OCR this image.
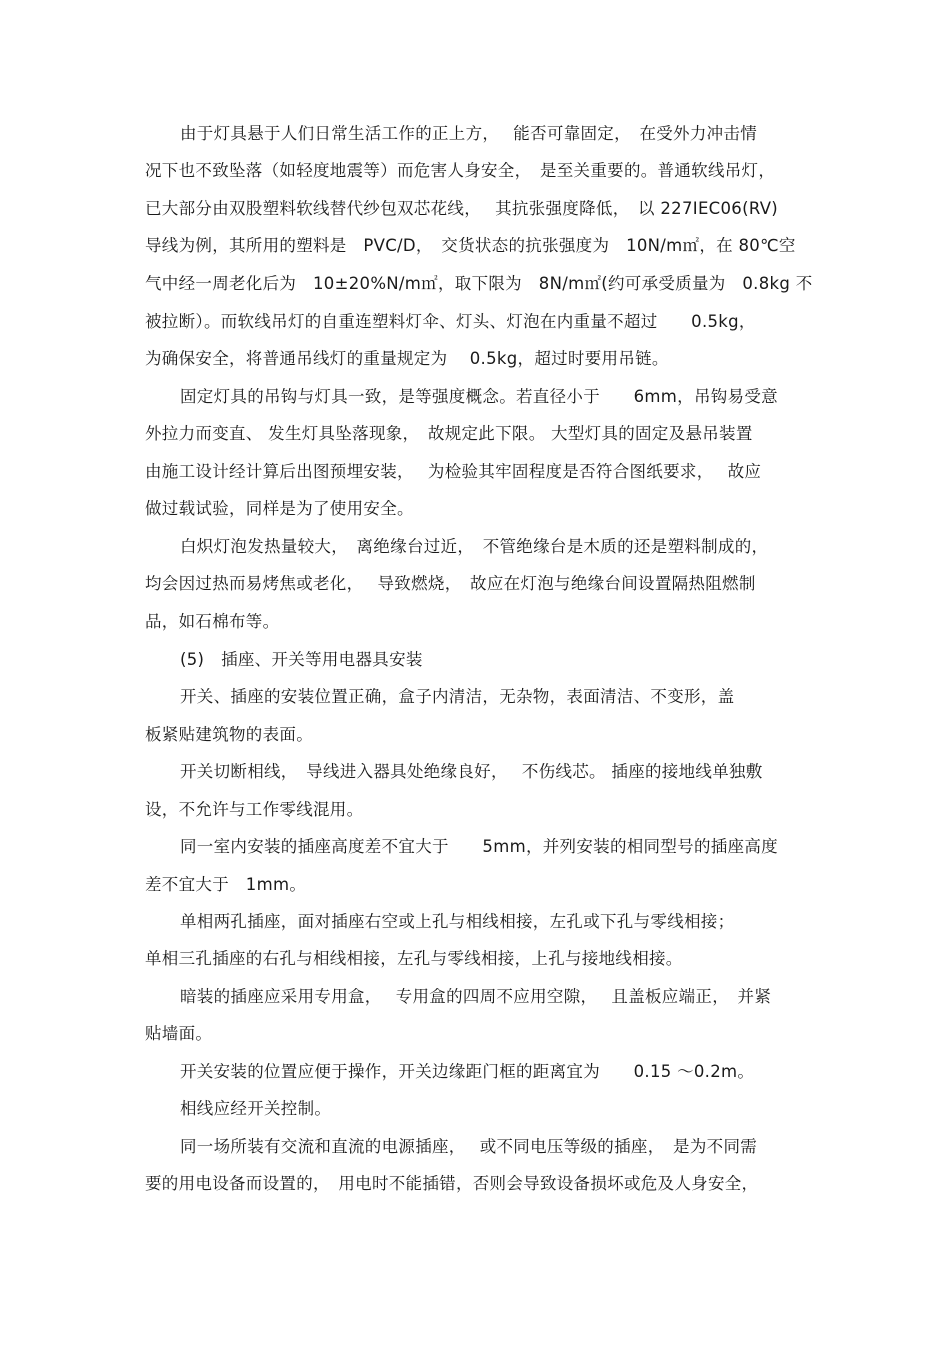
由于灯具悬于人们日常生活工作的正上方，　 能否可靠固定，　在受外力冲击情
况下也不致坠落（如轻度地震等）而危害人身安全，　是至关重要的。普通软线吊灯，
已大部分由双股塑料软线替代纱包双芯花线，　 其抗张强度降低，　以 227IEC06(RV)
导线为例，其所用的塑料是　PVC/D，　交货状态的抗张强度为　10N/m㎡，在 80℃空
气中经一周老化后为　10±20%N/m㎡，取下限为　8N/m㎡(约可承受质量为　0.8kg 不
被拉断）。而软线吊灯的自重连塑料灯伞、灯头、灯泡在内重量不超过　　0.5kg，
为确保安全，将普通吊线灯的重量规定为　 0.5kg，超过时要用吊链。
固定灯具的吊钩与灯具一致，是等强度概念。若直径小于　　6mm，吊钩易受意
外拉力而变直、 发生灯具坠落现象，　故规定此下限。 大型灯具的固定及悬吊装置
由施工设计经计算后出图预埋安装，　 为检验其牢固程度是否符合图纸要求，　 故应
做过载试验，同样是为了使用安全。
白炽灯泡发热量较大，　离绝缘台过近，　不管绝缘台是木质的还是塑料制成的，
均会因过热而易烤焦或老化，　 导致燃烧，　故应在灯泡与绝缘台间设置隔热阻燃制
品，如石棉布等。
(5)　插座、开关等用电器具安装
开关、插座的安装位置正确，盒子内清洁，无杂物，表面清洁、不变形，盖
板紧贴建筑物的表面。
开关切断相线，　导线进入器具处绝缘良好，　 不伤线芯。 插座的接地线单独敷
设，不允许与工作零线混用。
同一室内安装的插座高度差不宜大于　　5mm，并列安装的相同型号的插座高度
差不宜大于　1mm。
单相两孔插座，面对插座右空或上孔与相线相接，左孔或下孔与零线相接；
单相三孔插座的右孔与相线相接，左孔与零线相接，上孔与接地线相接。
暗装的插座应采用专用盒，　 专用盒的四周不应用空隙，　 且盖板应端正，　并紧
贴墙面。
开关安装的位置应便于操作，开关边缘距门框的距离宜为　　0.15 ～0.2m。
相线应经开关控制。
同一场所装有交流和直流的电源插座，　 或不同电压等级的插座，　是为不同需
要的用电设备而设置的，　用电时不能插错，否则会导致设备损坏或危及人身安全，
